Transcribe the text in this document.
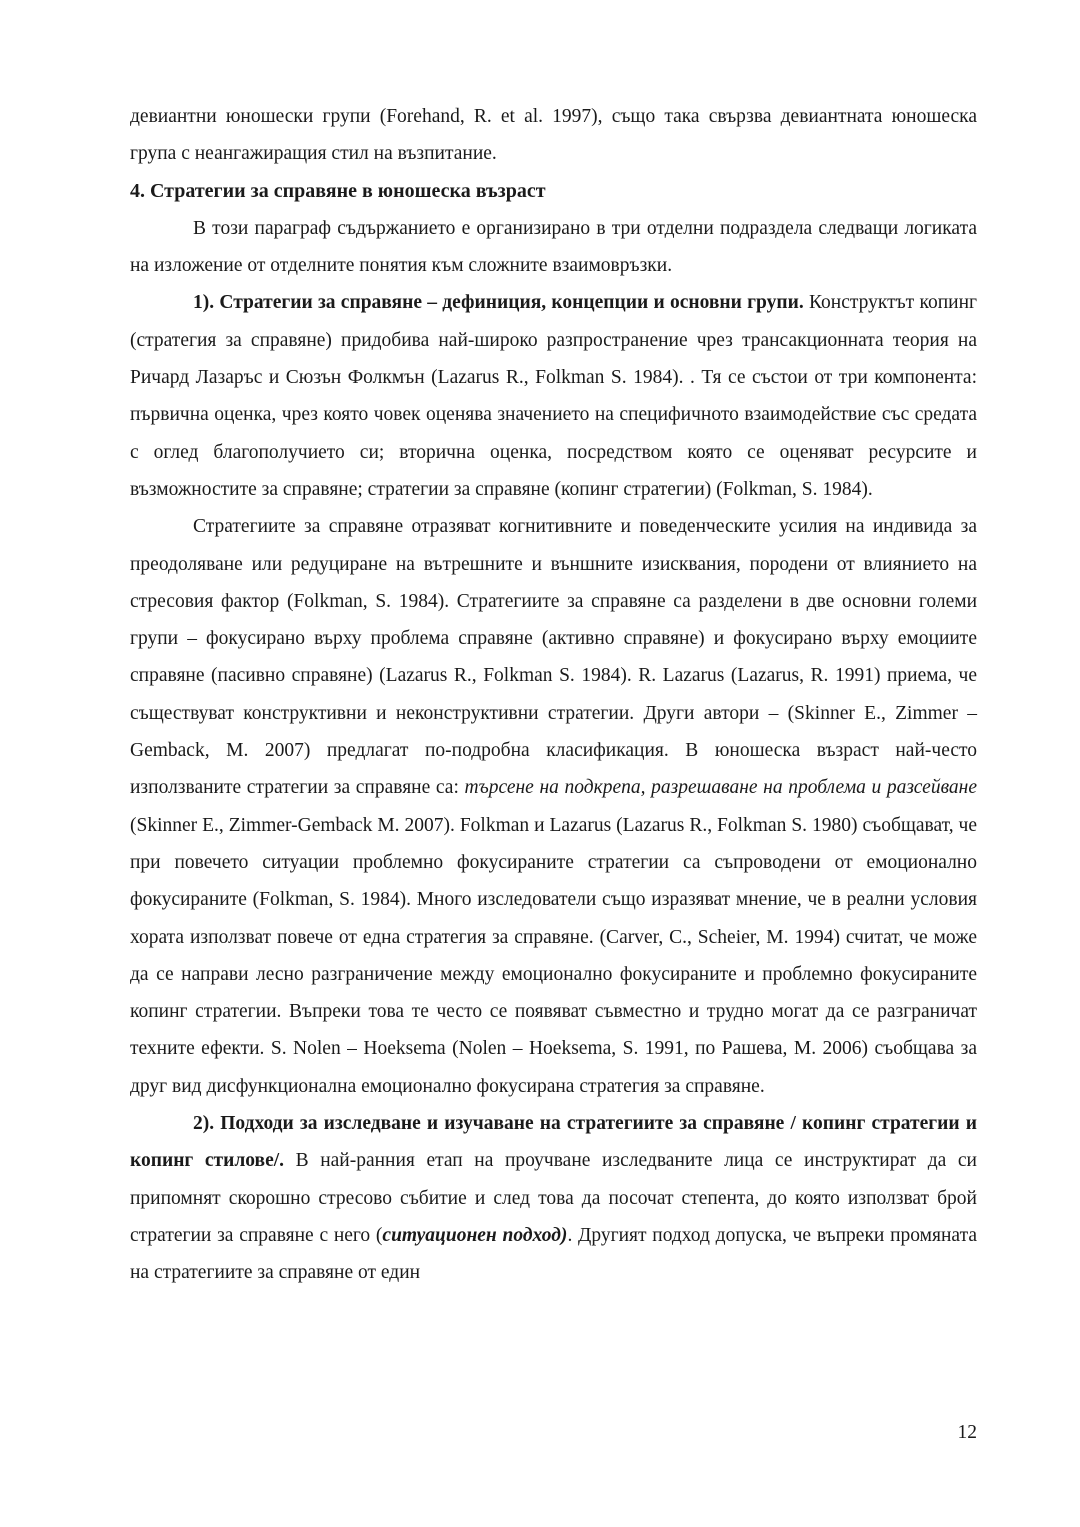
девиантни юношески групи (Forehand, R. et al. 1997), също така свързва девиантната юношеска група с неангажиращия стил на възпитание.

4. Стратегии за справяне в юношеска възраст

В този параграф съдържанието е организирано в три отделни подраздела следващи логиката на изложение от отделните понятия към сложните взаимовръзки.

1). Стратегии за справяне – дефиниция, концепции и основни групи. Конструктът копинг (стратегия за справяне) придобива най-широко разпространение чрез трансакционната теория на Ричард Лазаръс и Сюзън Фолкмън (Lazarus R., Folkman S. 1984). . Тя се състои от три компонента: първична оценка, чрез която човек оценява значението на специфичното взаимодействие със средата с оглед благополучието си; вторична оценка, посредством която се оценяват ресурсите и възможностите за справяне; стратегии за справяне (копинг стратегии) (Folkman, S. 1984).

Стратегиите за справяне отразяват когнитивните и поведенческите усилия на индивида за преодоляване или редуциране на вътрешните и външните изисквания, породени от влиянието на стресовия фактор (Folkman, S. 1984). Стратегиите за справяне са разделени в две основни големи групи – фокусирано върху проблема справяне (активно справяне) и фокусирано върху емоциите справяне (пасивно справяне) (Lazarus R., Folkman S. 1984). R. Lazarus (Lazarus, R. 1991) приема, че съществуват конструктивни и неконструктивни стратегии. Други автори – (Skinner E., Zimmer – Gemback, M. 2007) предлагат по-подробна класификация. В юношеска възраст най-често използваните стратегии за справяне са: търсене на подкрепа, разрешаване на проблема и разсейване (Skinner E., Zimmer-Gemback M. 2007). Folkman и Lazarus (Lazarus R., Folkman S. 1980) съобщават, че при повечето ситуации проблемно фокусираните стратегии са съпроводени от емоционално фокусираните (Folkman, S. 1984). Много изследователи също изразяват мнение, че в реални условия хората използват повече от една стратегия за справяне. (Carver, C., Scheier, M. 1994) считат, че може да се направи лесно разграничение между емоционално фокусираните и проблемно фокусираните копинг стратегии. Въпреки това те често се появяват съвместно и трудно могат да се разграничат техните ефекти. S. Nolen – Hoeksema (Nolen – Hoeksema, S. 1991, по Рашева, М. 2006) съобщава за друг вид дисфункционална емоционално фокусирана стратегия за справяне.

2). Подходи за изследване и изучаване на стратегиите за справяне / копинг стратегии и копинг стилове/. В най-ранния етап на проучване изследваните лица се инструктират да си припомнят скорошно стресово събитие и след това да посочат степента, до която използват брой стратегии за справяне с него (ситуационен подход). Другият подход допуска, че въпреки промяната на стратегиите за справяне от един

12
